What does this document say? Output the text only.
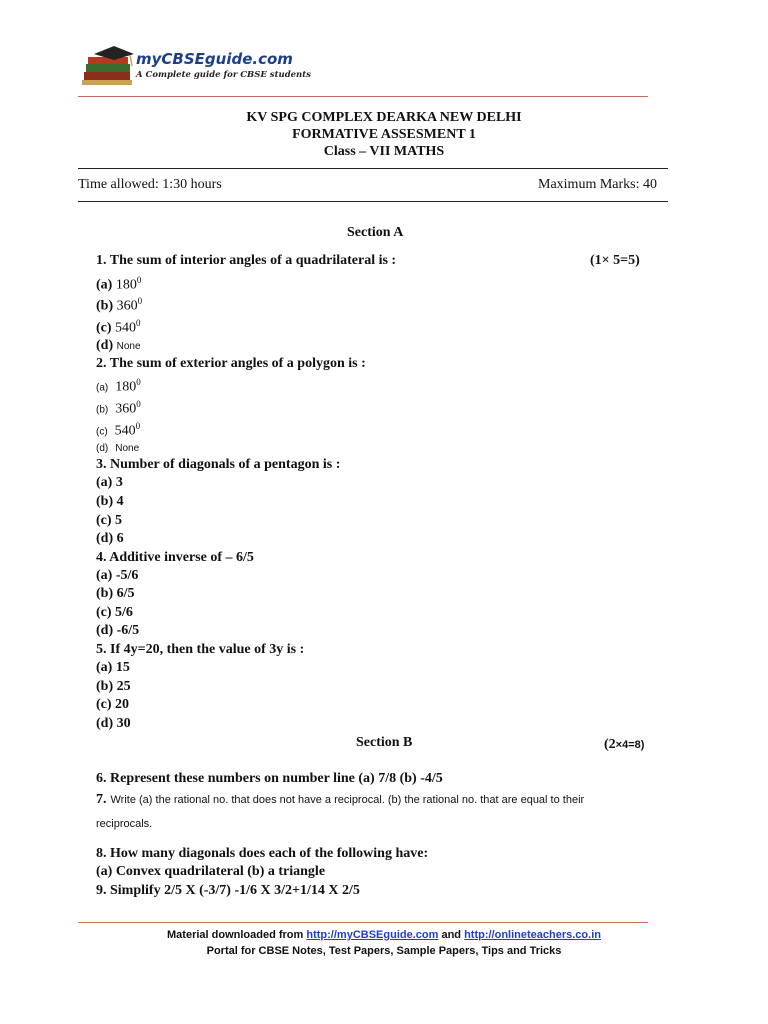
myCBSEguide.com
A Complete guide for CBSE students
KV SPG COMPLEX DEARKA NEW DELHI
FORMATIVE ASSESMENT 1
Class – VII MATHS
Time allowed: 1:30 hours	Maximum Marks: 40
Section A
1. The sum of interior angles of a quadrilateral is :	(1× 5=5)
(a) $180^0$
(b) $360^0$
(c) $540^0$
(d) None
2. The sum of exterior angles of a polygon is :
(a) $180^0$
(b) $360^0$
(c) $540^0$
(d) None
3. Number of diagonals of a pentagon is :
(a) 3
(b) 4
(c) 5
(d) 6
4. Additive inverse of – 6/5
(a) -5/6
(b) 6/5
(c) 5/6
(d) -6/5
5. If 4y=20, then the value of 3y is :
(a) 15
(b) 25
(c) 20
(d) 30
Section B	(2×4=8)
6. Represent these numbers on number line (a) 7/8 (b) -4/5
7. Write (a) the rational no. that does not have a reciprocal. (b) the rational no. that are equal to their
reciprocals.
8. How many diagonals does each of the following have:
(a) Convex quadrilateral (b) a triangle
9. Simplify 2/5 X (-3/7) -1/6 X 3/2+1/14 X 2/5
Material downloaded from http://myCBSEguide.com and http://onlineteachers.co.in
Portal for CBSE Notes, Test Papers, Sample Papers, Tips and Tricks
